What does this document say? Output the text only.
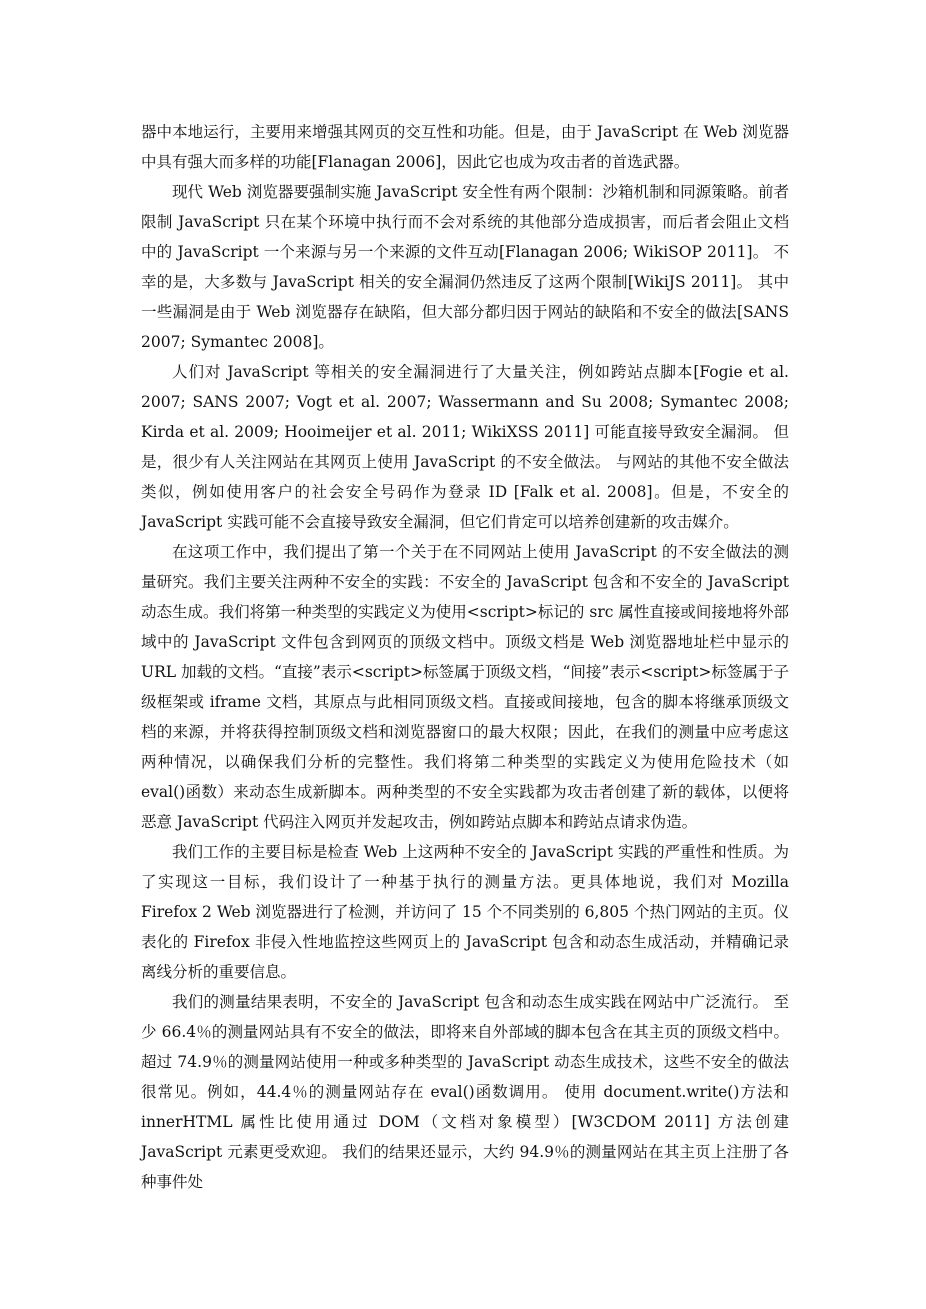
器中本地运行，主要用来增强其网页的交互性和功能。但是，由于 JavaScript 在 Web 浏览器中具有强大而多样的功能[Flanagan 2006]，因此它也成为攻击者的首选武器。

现代 Web 浏览器要强制实施 JavaScript 安全性有两个限制：沙箱机制和同源策略。前者限制 JavaScript 只在某个环境中执行而不会对系统的其他部分造成损害，而后者会阻止文档中的 JavaScript 一个来源与另一个来源的文件互动[Flanagan 2006; WikiSOP 2011]。 不幸的是，大多数与 JavaScript 相关的安全漏洞仍然违反了这两个限制[WikiJS 2011]。 其中一些漏洞是由于 Web 浏览器存在缺陷，但大部分都归因于网站的缺陷和不安全的做法[SANS 2007; Symantec 2008]。

人们对 JavaScript 等相关的安全漏洞进行了大量关注，例如跨站点脚本[Fogie et al. 2007; SANS 2007; Vogt et al. 2007; Wassermann and Su 2008; Symantec 2008; Kirda et al. 2009; Hooimeijer et al. 2011; WikiXSS 2011] 可能直接导致安全漏洞。 但是，很少有人关注网站在其网页上使用 JavaScript 的不安全做法。 与网站的其他不安全做法类似，例如使用客户的社会安全号码作为登录 ID [Falk et al. 2008]。但是，不安全的 JavaScript 实践可能不会直接导致安全漏洞，但它们肯定可以培养创建新的攻击媒介。

在这项工作中，我们提出了第一个关于在不同网站上使用 JavaScript 的不安全做法的测量研究。我们主要关注两种不安全的实践：不安全的 JavaScript 包含和不安全的 JavaScript 动态生成。我们将第一种类型的实践定义为使用<script>标记的 src 属性直接或间接地将外部域中的 JavaScript 文件包含到网页的顶级文档中。顶级文档是 Web 浏览器地址栏中显示的 URL 加载的文档。“直接”表示<script>标签属于顶级文档，“间接”表示<script>标签属于子级框架或 iframe 文档，其原点与此相同顶级文档。直接或间接地，包含的脚本将继承顶级文档的来源，并将获得控制顶级文档和浏览器窗口的最大权限；因此，在我们的测量中应考虑这两种情况，以确保我们分析的完整性。我们将第二种类型的实践定义为使用危险技术（如 eval()函数）来动态生成新脚本。两种类型的不安全实践都为攻击者创建了新的载体，以便将恶意 JavaScript 代码注入网页并发起攻击，例如跨站点脚本和跨站点请求伪造。

我们工作的主要目标是检查 Web 上这两种不安全的 JavaScript 实践的严重性和性质。为了实现这一目标，我们设计了一种基于执行的测量方法。更具体地说，我们对 Mozilla Firefox 2 Web 浏览器进行了检测，并访问了 15 个不同类别的 6,805 个热门网站的主页。仪表化的 Firefox 非侵入性地监控这些网页上的 JavaScript 包含和动态生成活动，并精确记录离线分析的重要信息。

我们的测量结果表明，不安全的 JavaScript 包含和动态生成实践在网站中广泛流行。 至少 66.4％的测量网站具有不安全的做法，即将来自外部域的脚本包含在其主页的顶级文档中。超过 74.9％的测量网站使用一种或多种类型的 JavaScript 动态生成技术，这些不安全的做法很常见。例如，44.4％的测量网站存在 eval()函数调用。 使用 document.write()方法和 innerHTML 属性比使用通过 DOM（文档对象模型）[W3CDOM 2011] 方法创建 JavaScript 元素更受欢迎。 我们的结果还显示，大约 94.9％的测量网站在其主页上注册了各种事件处
